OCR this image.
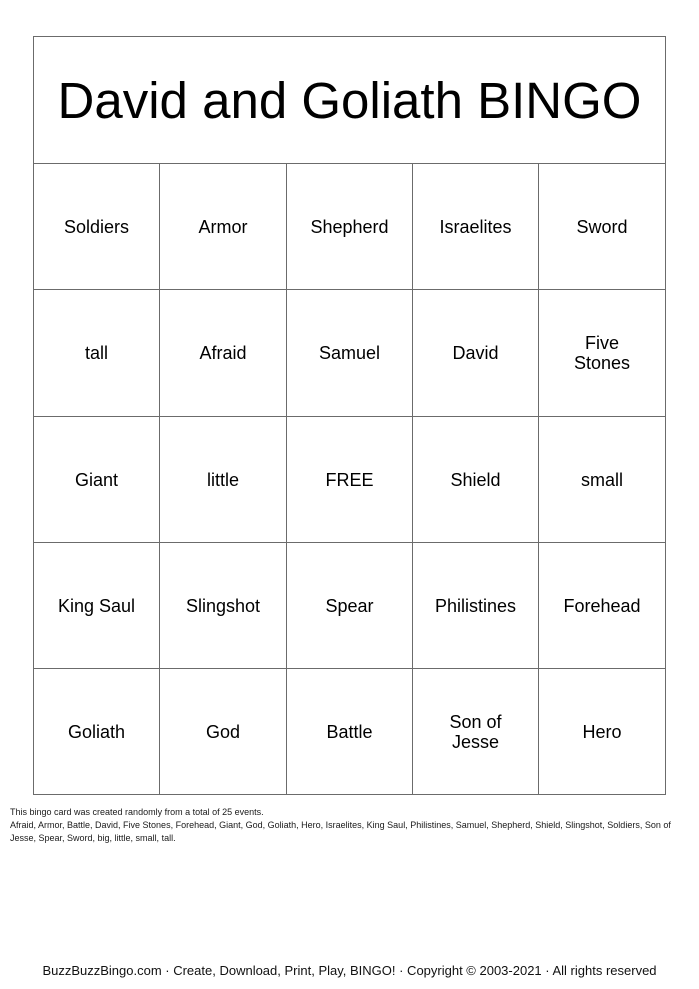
David and Goliath BINGO
Soldiers	Armor	Shepherd	Israelites	Sword
tall	Afraid	Samuel	David	Five Stones
Giant	little	FREE	Shield	small
King Saul	Slingshot	Spear	Philistines	Forehead
Goliath	God	Battle	Son of Jesse	Hero
This bingo card was created randomly from a total of 25 events.
Afraid, Armor, Battle, David, Five Stones, Forehead, Giant, God, Goliath, Hero, Israelites, King Saul, Philistines, Samuel, Shepherd, Shield, Slingshot, Soldiers, Son of Jesse, Spear, Sword, big, little, small, tall.
BuzzBuzzBingo.com · Create, Download, Print, Play, BINGO! · Copyright © 2003-2021 · All rights reserved
